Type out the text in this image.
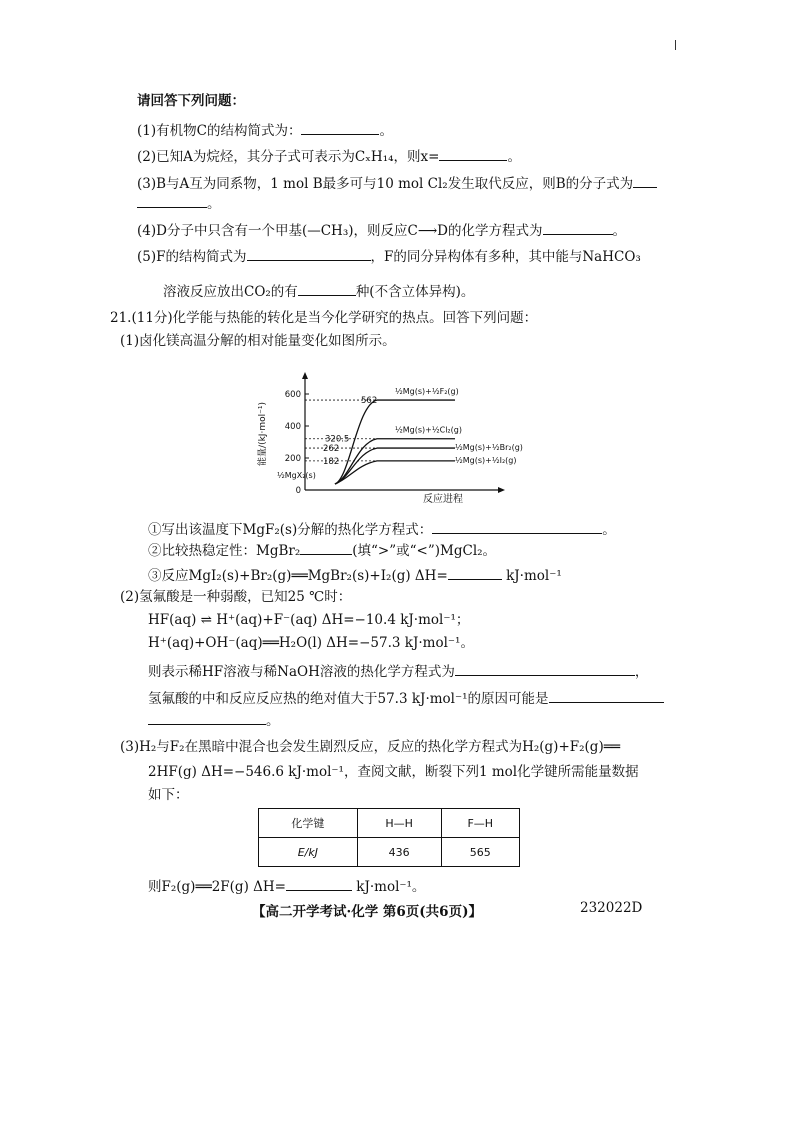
请回答下列问题：
(1)有机物C的结构简式为：	。
(2)已知A为烷烃，其分子式可表示为CₓH₁₄，则x=	。
(3)B与A互为同系物，1 mol B最多可与10 mol Cl₂发生取代反应，则B的分子式为
。
(4)D分子中只含有一个甲基(—CH₃)，则反应C⟶D的化学方程式为	。
(5)F的结构简式为	，F的同分异构体有多种，其中能与NaHCO₃
溶液反应放出CO₂的有	种(不含立体异构)。
21.(11分)化学能与热能的转化是当今化学研究的热点。回答下列问题：
(1)卤化镁高温分解的相对能量变化如图所示。
能量/(kJ·mol⁻¹)
反应进程
600
400
200
0
562
½Mg(s)+½F₂(g)
320.5
½Mg(s)+½Cl₂(g)
262	½Mg(s)+½Br₂(g)
182	½Mg(s)+½I₂(g)
½MgX₂(s)
①写出该温度下MgF₂(s)分解的热化学方程式：	。
②比较热稳定性：MgBr₂	(填“>”或“<”)MgCl₂。
③反应MgI₂(s)+Br₂(g)══MgBr₂(s)+I₂(g) ΔH=	kJ·mol⁻¹
(2)氢氟酸是一种弱酸，已知25 ℃时：
HF(aq) ⇌ H⁺(aq)+F⁻(aq) ΔH=−10.4 kJ·mol⁻¹；
H⁺(aq)+OH⁻(aq)══H₂O(l) ΔH=−57.3 kJ·mol⁻¹。
则表示稀HF溶液与稀NaOH溶液的热化学方程式为	，
氢氟酸的中和反应反应热的绝对值大于57.3 kJ·mol⁻¹的原因可能是
。
(3)H₂与F₂在黑暗中混合也会发生剧烈反应，反应的热化学方程式为H₂(g)+F₂(g)══
2HF(g) ΔH=−546.6 kJ·mol⁻¹，查阅文献，断裂下列1 mol化学键所需能量数据
如下：
化学键	H—H	F—H
E/kJ	436	565
则F₂(g)══2F(g) ΔH=	kJ·mol⁻¹。
【高二开学考试·化学 第6页(共6页)】	232022D
